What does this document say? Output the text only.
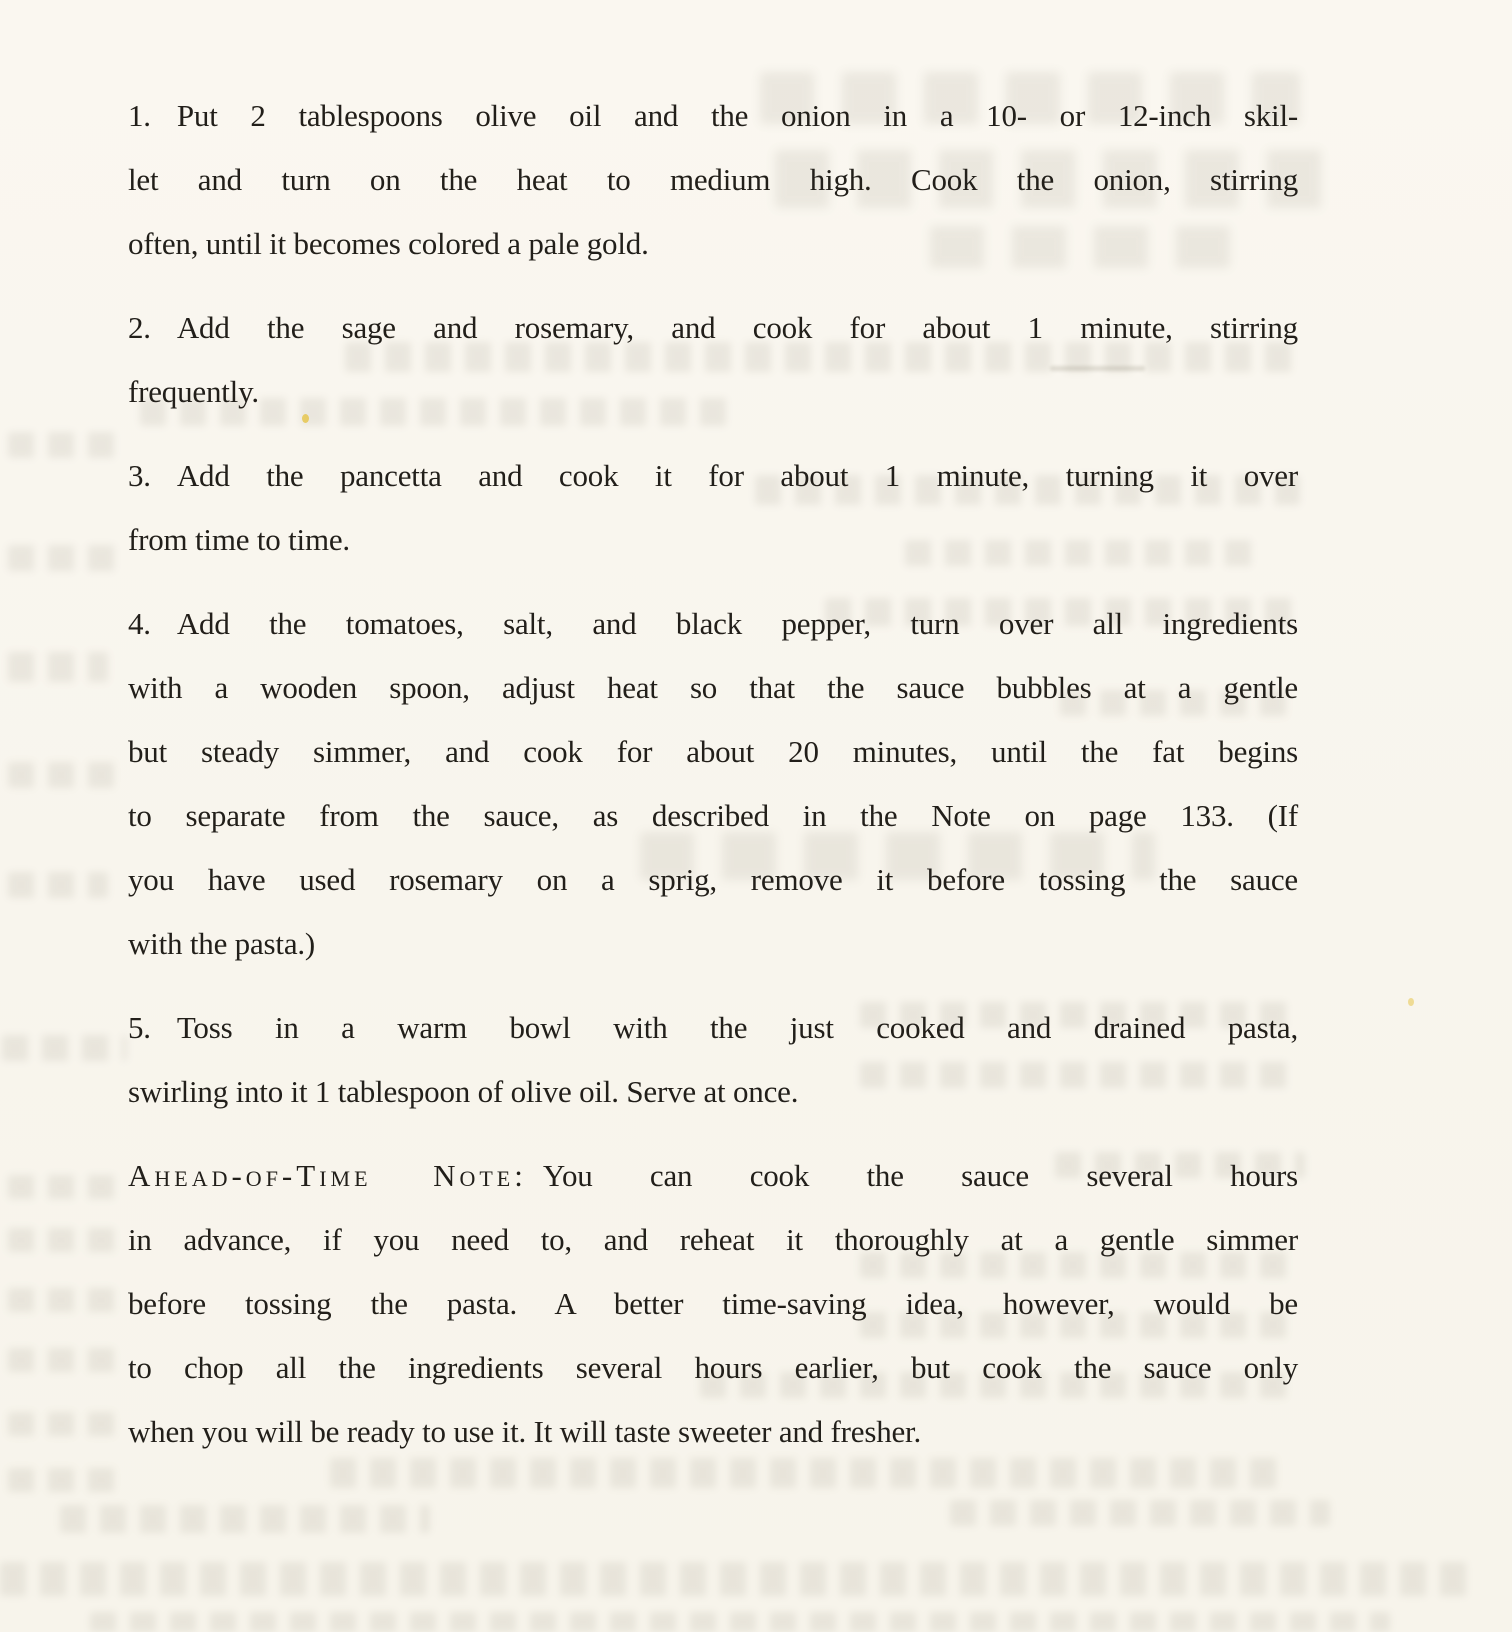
1. Put 2 tablespoons olive oil and the onion in a 10- or 12-inch skil-
let and turn on the heat to medium high. Cook the onion, stirring
often, until it becomes colored a pale gold.

2. Add the sage and rosemary, and cook for about 1 minute, stirring
frequently.

3. Add the pancetta and cook it for about 1 minute, turning it over
from time to time.

4. Add the tomatoes, salt, and black pepper, turn over all ingredients
with a wooden spoon, adjust heat so that the sauce bubbles at a gentle
but steady simmer, and cook for about 20 minutes, until the fat begins
to separate from the sauce, as described in the Note on page 133. (If
you have used rosemary on a sprig, remove it before tossing the sauce
with the pasta.)

5. Toss in a warm bowl with the just cooked and drained pasta,
swirling into it 1 tablespoon of olive oil. Serve at once.

Ahead-of-Time Note: You can cook the sauce several hours
in advance, if you need to, and reheat it thoroughly at a gentle simmer
before tossing the pasta. A better time-saving idea, however, would be
to chop all the ingredients several hours earlier, but cook the sauce only
when you will be ready to use it. It will taste sweeter and fresher.
